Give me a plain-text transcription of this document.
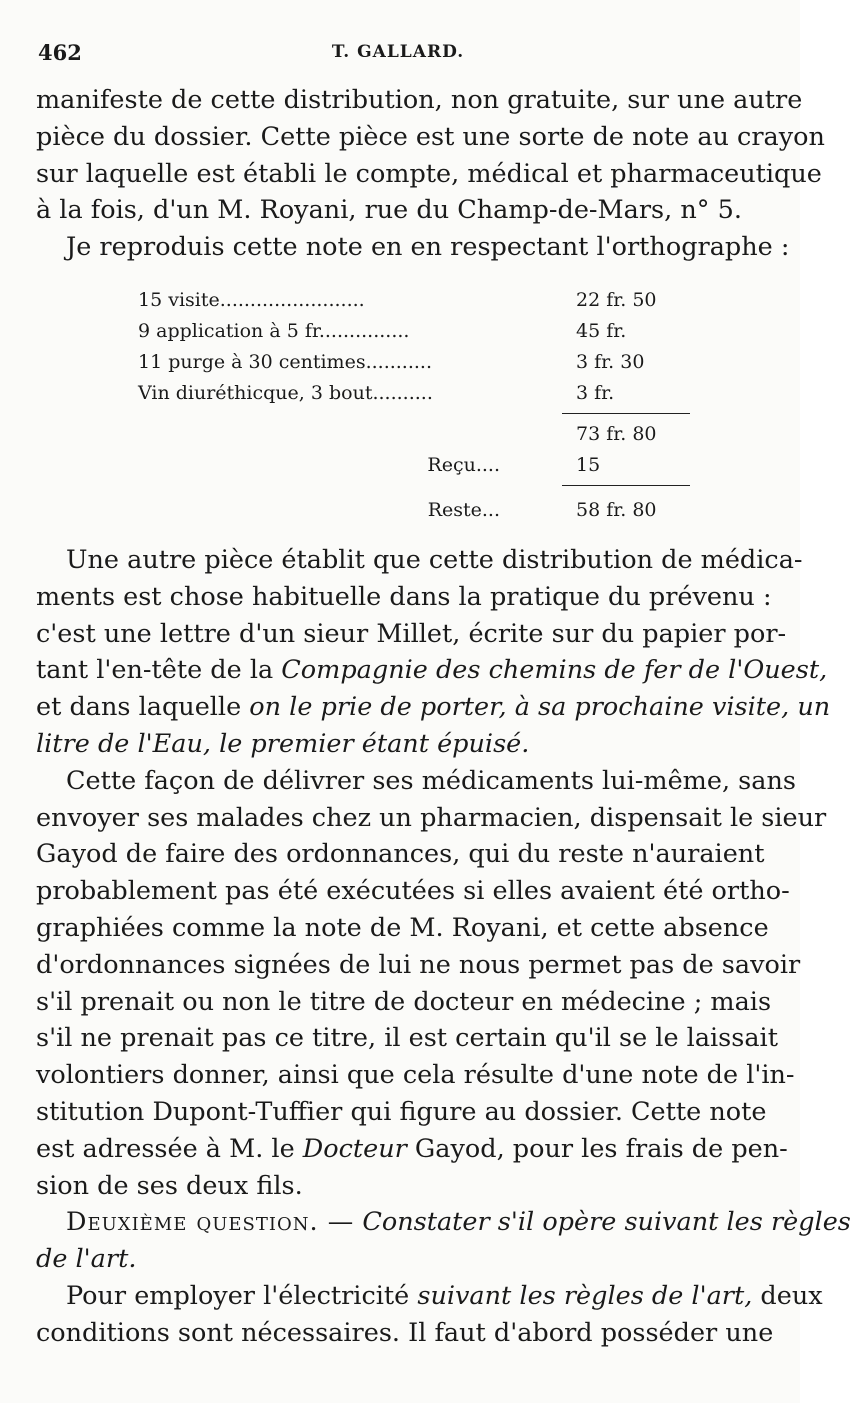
462	T. GALLARD.
manifeste de cette distribution, non gratuite, sur une autre
pièce du dossier. Cette pièce est une sorte de note au crayon
sur laquelle est établi le compte, médical et pharmaceutique
à la fois, d'un M. Royani, rue du Champ-de-Mars, n° 5.
Je reproduis cette note en en respectant l'orthographe :
15 visite........................	22 fr. 50
9 application à 5 fr...............	45 fr.
11 purge à 30 centimes...........	3 fr. 30
Vin diuréthicque, 3 bout..........	3 fr.
73 fr. 80
Reçu....	15
Reste...	58 fr. 80
Une autre pièce établit que cette distribution de médica-
ments est chose habituelle dans la pratique du prévenu :
c'est une lettre d'un sieur Millet, écrite sur du papier por-
tant l'en-tête de la Compagnie des chemins de fer de l'Ouest,
et dans laquelle on le prie de porter, à sa prochaine visite, un
litre de l'Eau, le premier étant épuisé.
Cette façon de délivrer ses médicaments lui-même, sans
envoyer ses malades chez un pharmacien, dispensait le sieur
Gayod de faire des ordonnances, qui du reste n'auraient
probablement pas été exécutées si elles avaient été ortho-
graphiées comme la note de M. Royani, et cette absence
d'ordonnances signées de lui ne nous permet pas de savoir
s'il prenait ou non le titre de docteur en médecine ; mais
s'il ne prenait pas ce titre, il est certain qu'il se le laissait
volontiers donner, ainsi que cela résulte d'une note de l'in-
stitution Dupont-Tuffier qui figure au dossier. Cette note
est adressée à M. le Docteur Gayod, pour les frais de pen-
sion de ses deux fils.
Deuxième question. — Constater s'il opère suivant les règles
de l'art.
Pour employer l'électricité suivant les règles de l'art, deux
conditions sont nécessaires. Il faut d'abord posséder une
